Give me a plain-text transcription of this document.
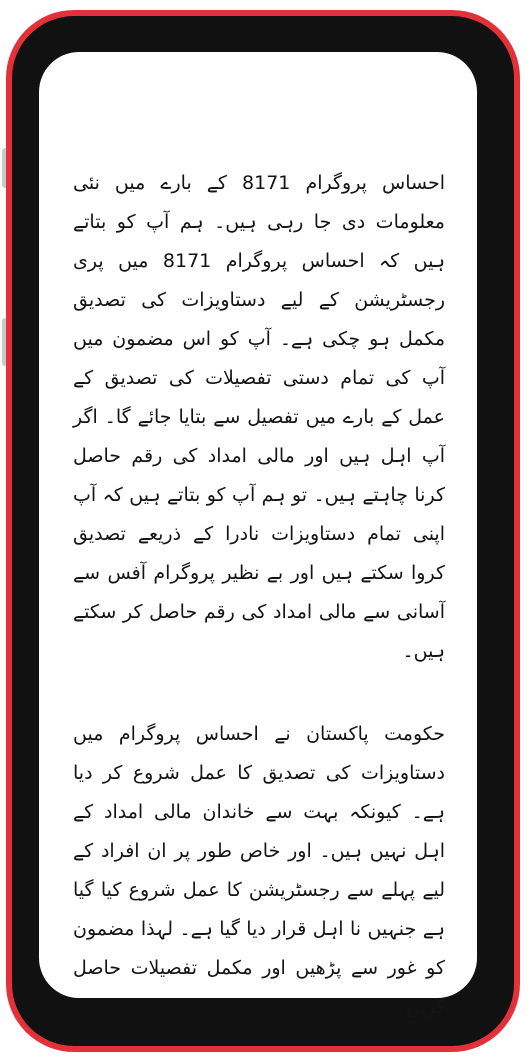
احساس پروگرام 8171 کے بارے میں نئی معلومات دی جا رہی ہیں۔ ہم آپ کو بتاتے ہیں کہ احساس پروگرام 8171 میں پری رجسٹریشن کے لیے دستاویزات کی تصدیق مکمل ہو چکی ہے۔ آپ کو اس مضمون میں آپ کی تمام دستی تفصیلات کی تصدیق کے عمل کے بارے میں تفصیل سے بتایا جائے گا۔ اگر آپ اہل ہیں اور مالی امداد کی رقم حاصل کرنا چاہتے ہیں۔ تو ہم آپ کو بتاتے ہیں کہ آپ اپنی تمام دستاویزات نادرا کے ذریعے تصدیق کروا سکتے ہیں اور بے نظیر پروگرام آفس سے آسانی سے مالی امداد کی رقم حاصل کر سکتے ہیں۔

حکومت پاکستان نے احساس پروگرام میں دستاویزات کی تصدیق کا عمل شروع کر دیا ہے۔ کیونکہ بہت سے خاندان مالی امداد کے اہل نہیں ہیں۔ اور خاص طور پر ان افراد کے لیے پہلے سے رجسٹریشن کا عمل شروع کیا گیا ہے جنہیں نا اہل قرار دیا گیا ہے۔ لہذا مضمون کو غور سے پڑھیں اور مکمل تفصیلات حاصل کریں۔
